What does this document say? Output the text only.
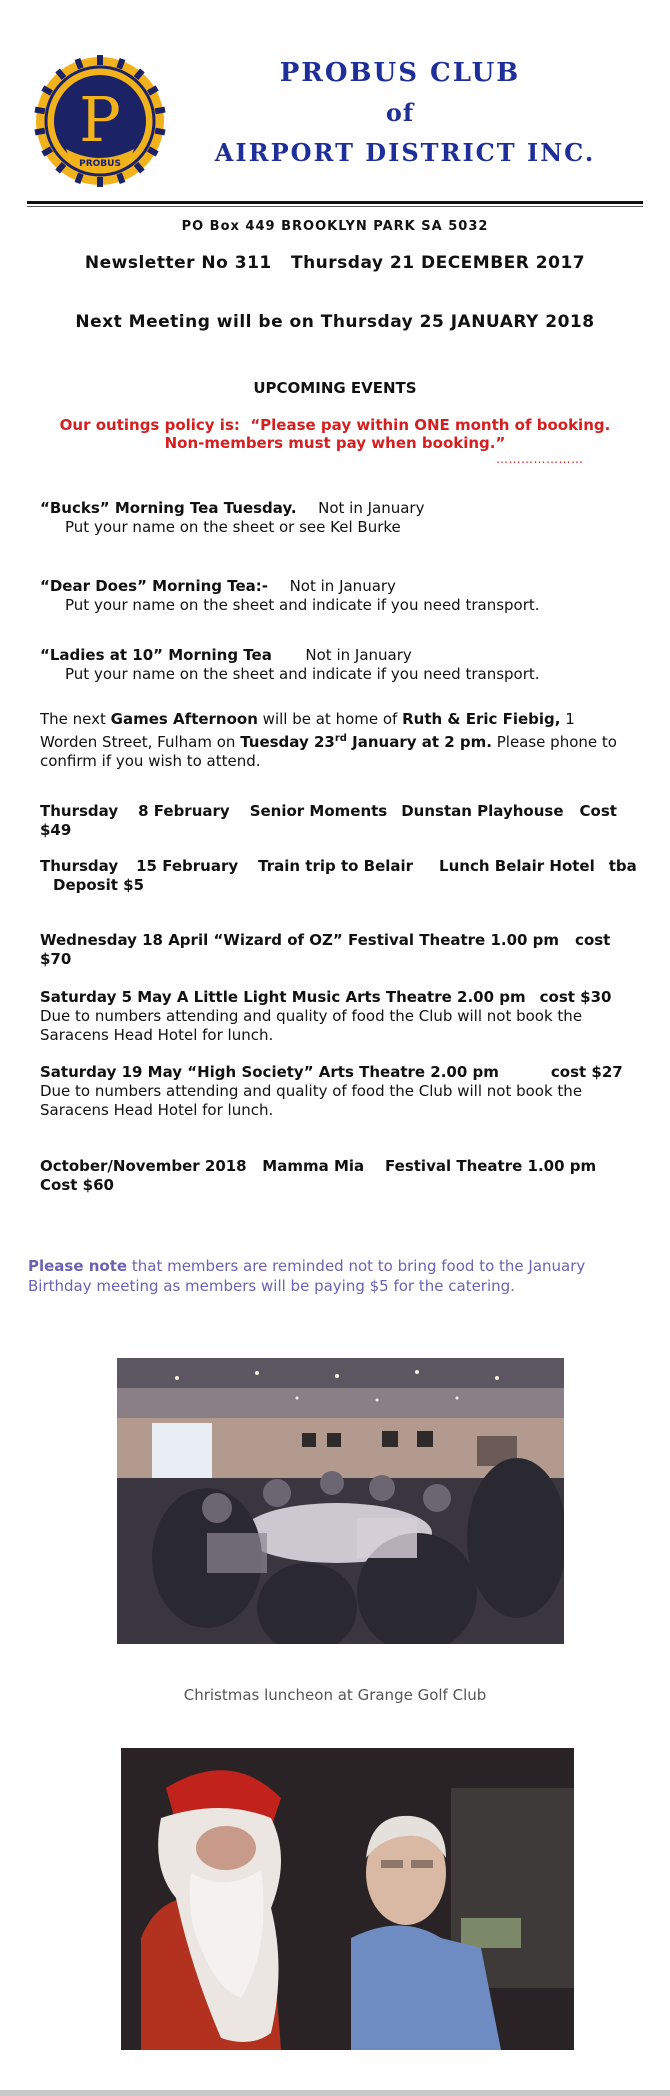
P
PROBUS
PROBUS CLUB
of
AIRPORT DISTRICT INC.
PO Box 449 BROOKLYN PARK SA 5032
Newsletter No 311   Thursday 21 DECEMBER 2017
Next Meeting will be on Thursday 25 JANUARY 2018
UPCOMING EVENTS
Our outings policy is:  “Please pay within ONE month of booking.
Non-members must pay when booking.”
…………………
“Bucks” Morning Tea Tuesday. Not in January
Put your name on the sheet or see Kel Burke
“Dear Does” Morning Tea:- Not in January
Put your name on the sheet and indicate if you need transport.
“Ladies at 10” Morning Tea Not in January
Put your name on the sheet and indicate if you need transport.
The next Games Afternoon will be at home of Ruth & Eric Fiebig, 1 Worden Street, Fulham on Tuesday 23rd January at 2 pm. Please phone to confirm if you wish to attend.
Thursday 8 February Senior Moments Dunstan Playhouse Cost $49
Thursday 15 February Train trip to Belair Lunch Belair Hotel tba
Deposit $5
Wednesday 18 April “Wizard of OZ” Festival Theatre 1.00 pm cost $70
Saturday 5 May A Little Light Music Arts Theatre 2.00 pm cost $30
Due to numbers attending and quality of food the Club will not book the Saracens Head Hotel for lunch.
Saturday 19 May “High Society” Arts Theatre 2.00 pm	cost $27
Due to numbers attending and quality of food the Club will not book the Saracens Head Hotel for lunch.
October/November 2018   Mamma Mia    Festival Theatre 1.00 pm
Cost $60
Please note that members are reminded not to bring food to the January Birthday meeting as members will be paying $5 for the catering.
Christmas luncheon at Grange Golf Club
